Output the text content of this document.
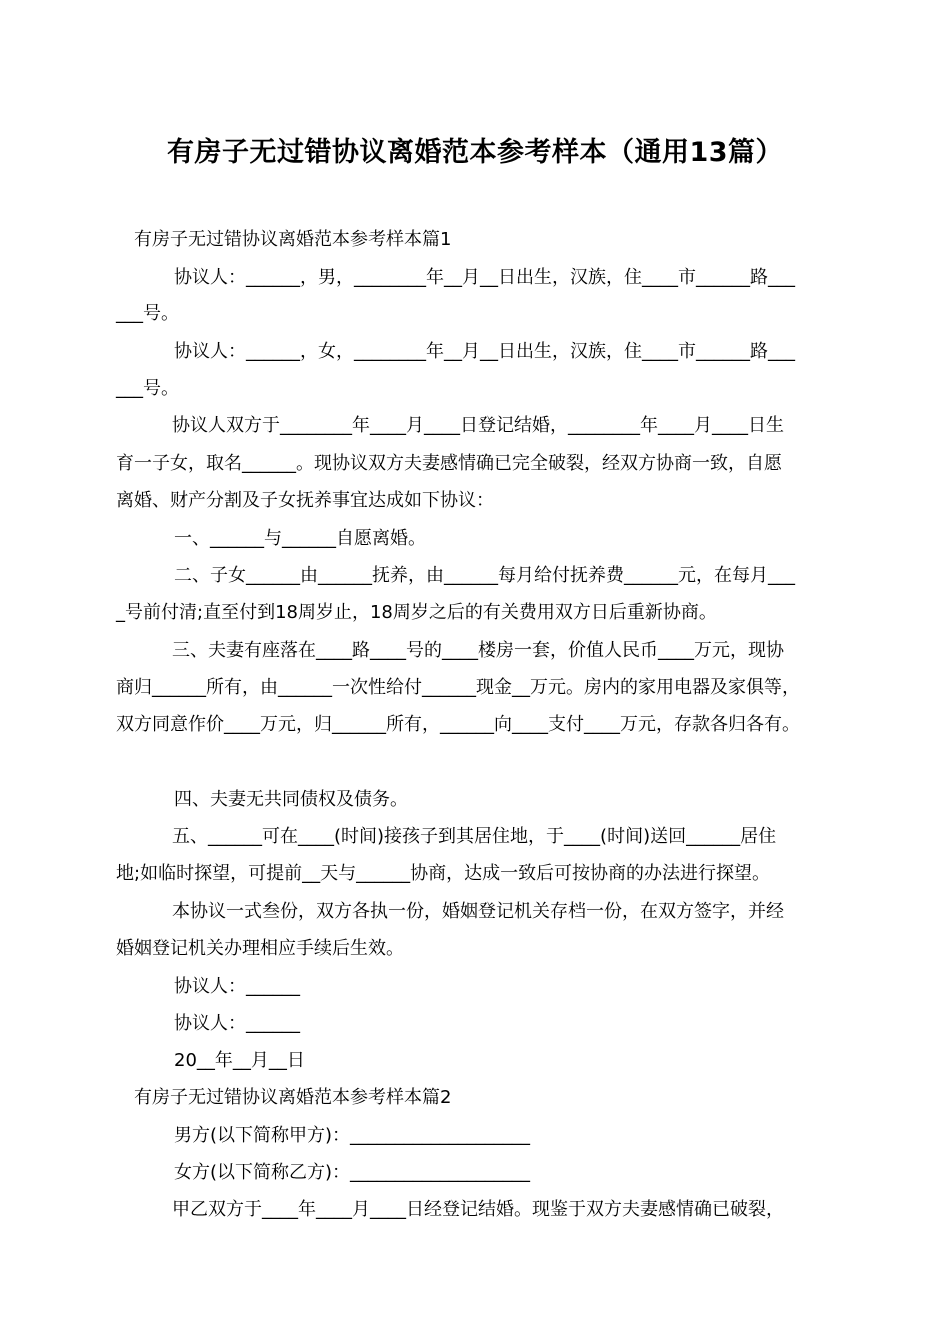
有房子无过错协议离婚范本参考样本（通用13篇）
有房子无过错协议离婚范本参考样本篇1
协议人：______，男，________年__月__日出生，汉族，住____市______路___
___号。
协议人：______，女，________年__月__日出生，汉族，住____市______路___
___号。
协议人双方于________年____月____日登记结婚，________年____月____日生
育一子女，取名______。现协议双方夫妻感情确已完全破裂，经双方协商一致，自愿
离婚、财产分割及子女抚养事宜达成如下协议：
一、______与______自愿离婚。
二、子女______由______抚养，由______每月给付抚养费______元，在每月___
_号前付清;直至付到18周岁止，18周岁之后的有关费用双方日后重新协商。
三、夫妻有座落在____路____号的____楼房一套，价值人民币____万元，现协
商归______所有，由______一次性给付______现金__万元。房内的家用电器及家俱等，
双方同意作价____万元，归______所有，______向____支付____万元，存款各归各有。
四、夫妻无共同债权及债务。
五、______可在____(时间)接孩子到其居住地，于____(时间)送回______居住
地;如临时探望，可提前__天与______协商，达成一致后可按协商的办法进行探望。
本协议一式叁份，双方各执一份，婚姻登记机关存档一份，在双方签字，并经
婚姻登记机关办理相应手续后生效。
协议人：______
协议人：______
20__年__月__日
有房子无过错协议离婚范本参考样本篇2
男方(以下简称甲方)：____________________
女方(以下简称乙方)：____________________
甲乙双方于____年____月____日经登记结婚。现鉴于双方夫妻感情确已破裂，
